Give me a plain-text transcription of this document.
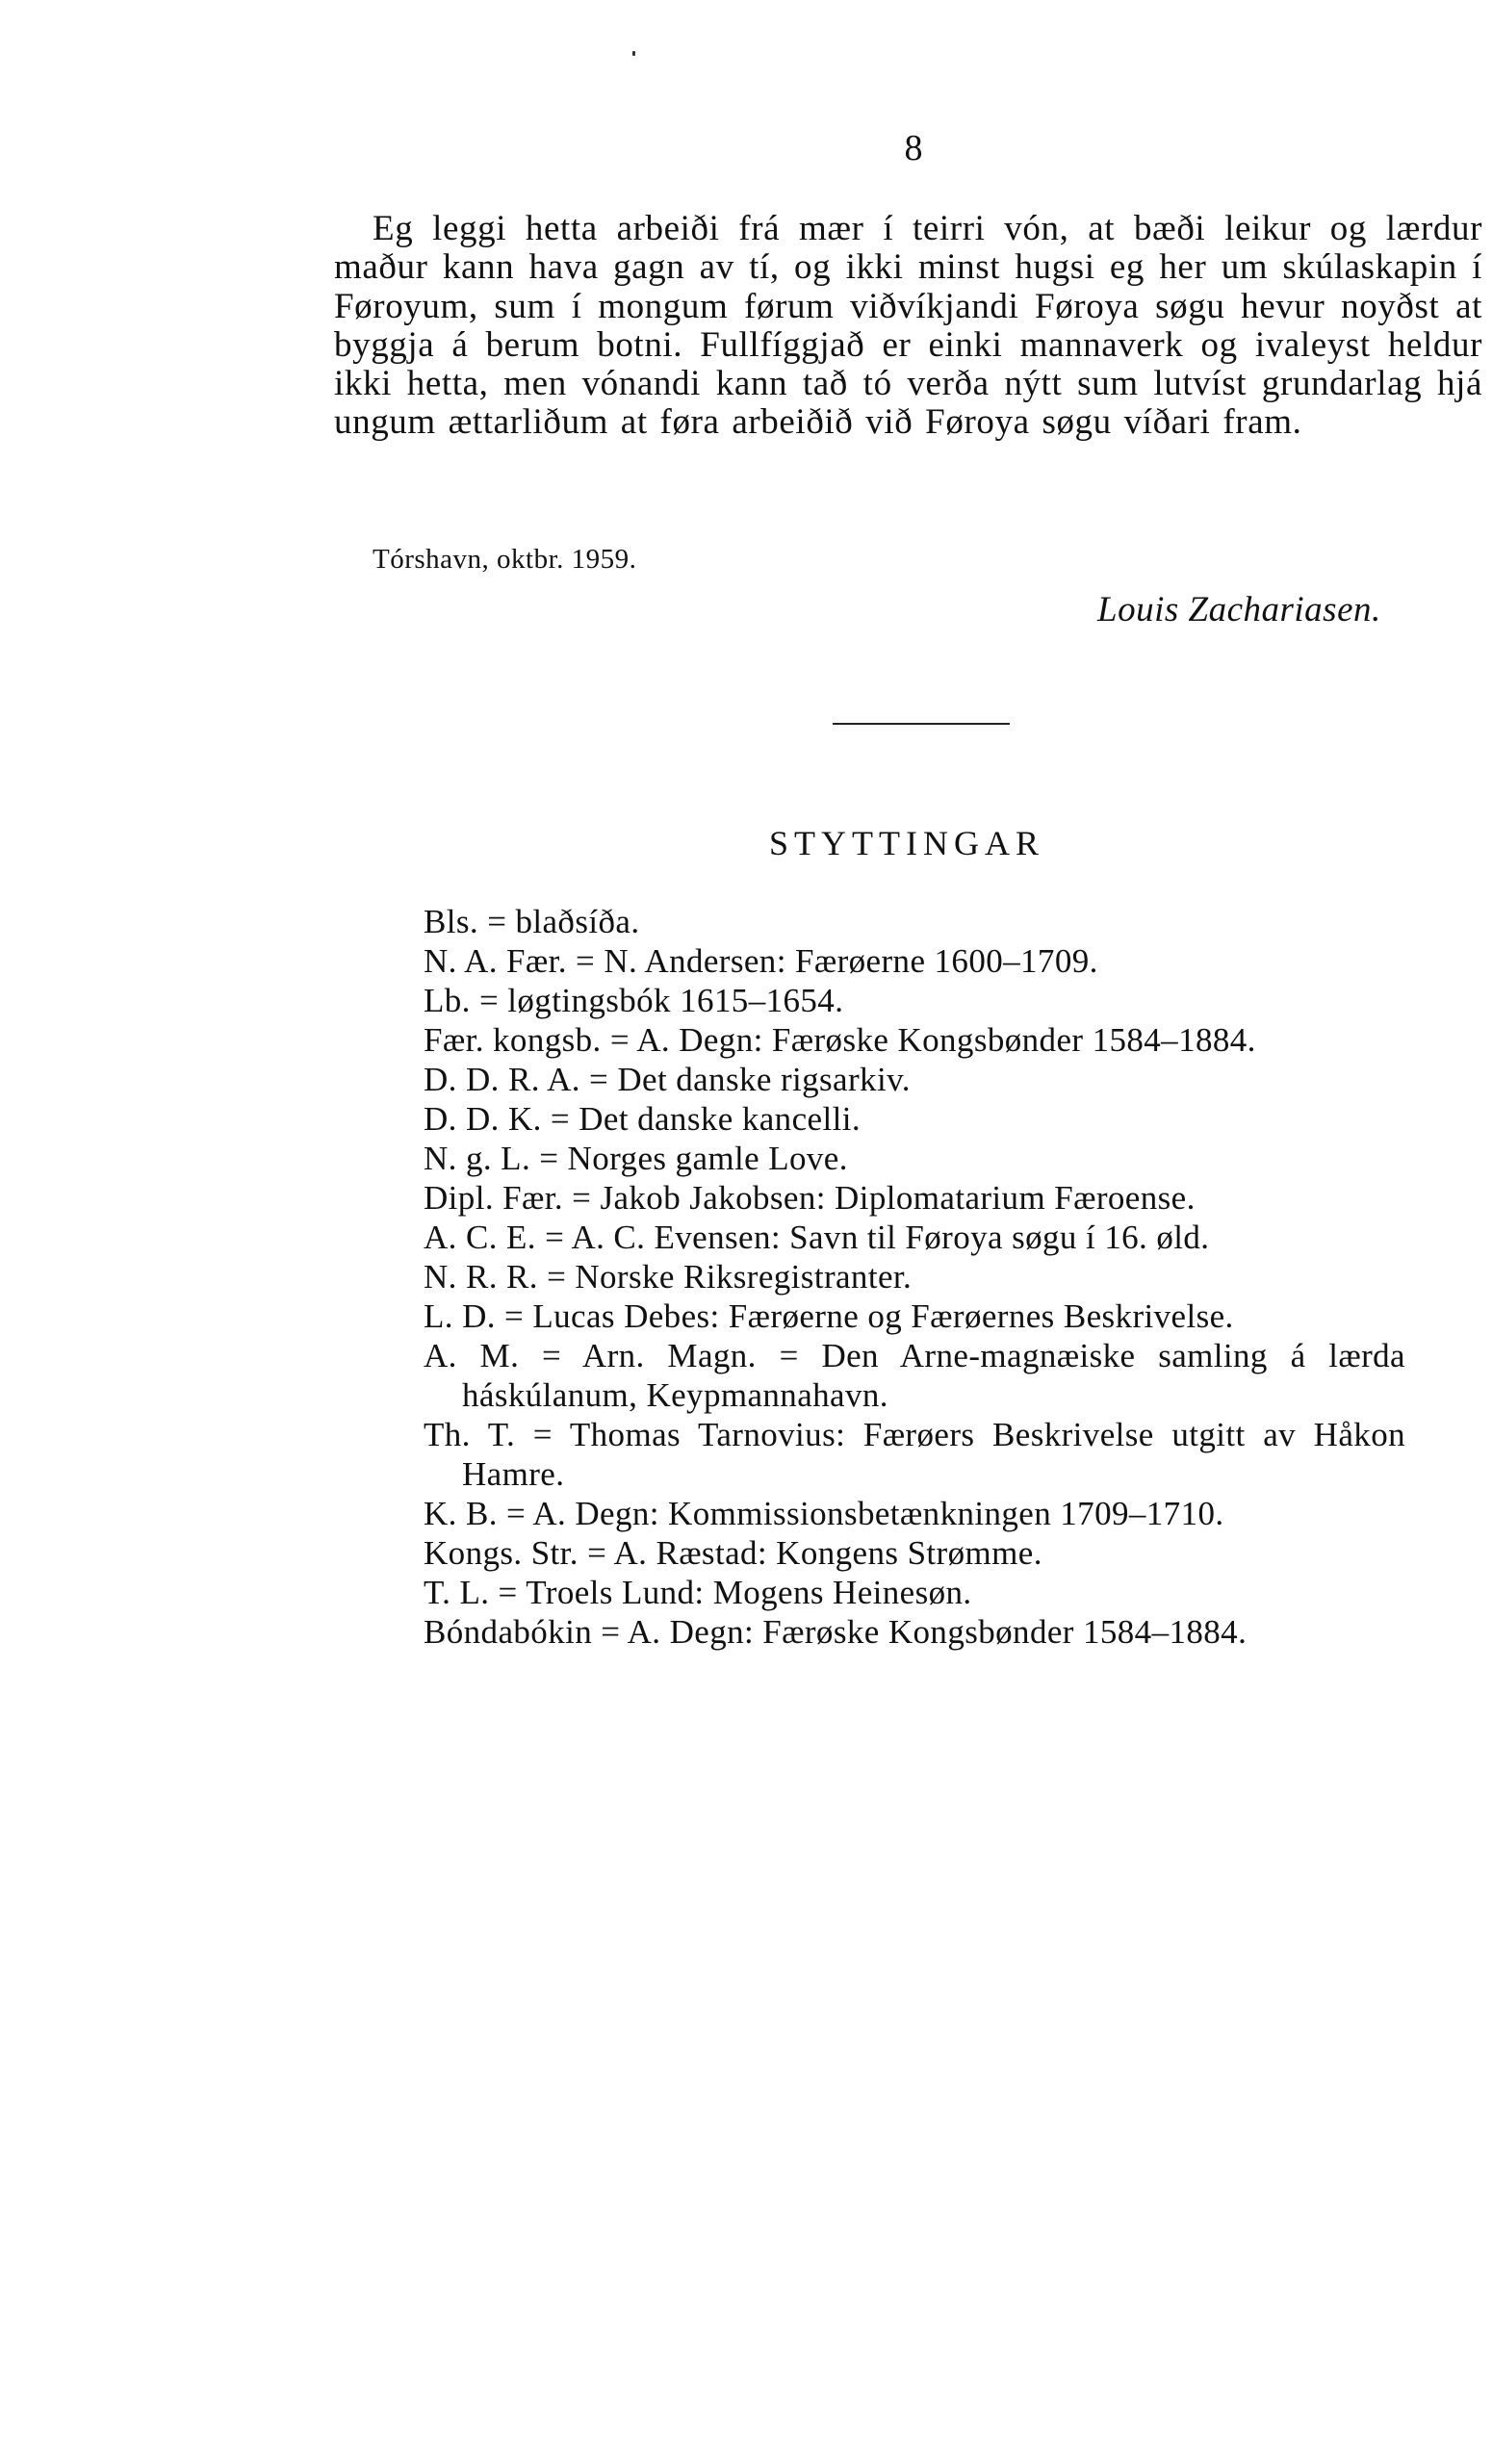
8

Eg leggi hetta arbeiði frá mær í teirri vón, at bæði leikur og lærdur maður kann hava gagn av tí, og ikki minst hugsi eg her um skúlaskapin í Føroyum, sum í mongum førum viðvíkjandi Føroya søgu hevur noyðst at byggja á berum botni. Fullfíggjað er einki mannaverk og ivaleyst heldur ikki hetta, men vónandi kann tað tó verða nýtt sum lutvíst grundarlag hjá ungum ættarliðum at føra arbeiðið við Føroya søgu víðari fram.

Tórshavn, oktbr. 1959.
Louis Zachariasen.
STYTTINGAR
Bls. = blaðsíða.
N. A. Fær. = N. Andersen: Færøerne 1600–1709.
Lb. = løgtingsbók 1615–1654.
Fær. kongsb. = A. Degn: Færøske Kongsbønder 1584–1884.
D. D. R. A. = Det danske rigsarkiv.
D. D. K. = Det danske kancelli.
N. g. L. = Norges gamle Love.
Dipl. Fær. = Jakob Jakobsen: Diplomatarium Færoense.
A. C. E. = A. C. Evensen: Savn til Føroya søgu í 16. øld.
N. R. R. = Norske Riksregistranter.
L. D. = Lucas Debes: Færøerne og Færøernes Beskrivelse.
A. M. = Arn. Magn. = Den Arne-magnæiske samling á lærda háskúlanum, Keypmannahavn.
Th. T. = Thomas Tarnovius: Færøers Beskrivelse utgitt av Håkon Hamre.
K. B. = A. Degn: Kommissionsbetænkningen 1709–1710.
Kongs. Str. = A. Ræstad: Kongens Strømme.
T. L. = Troels Lund: Mogens Heinesøn.
Bóndabókin = A. Degn: Færøske Kongsbønder 1584–1884.
